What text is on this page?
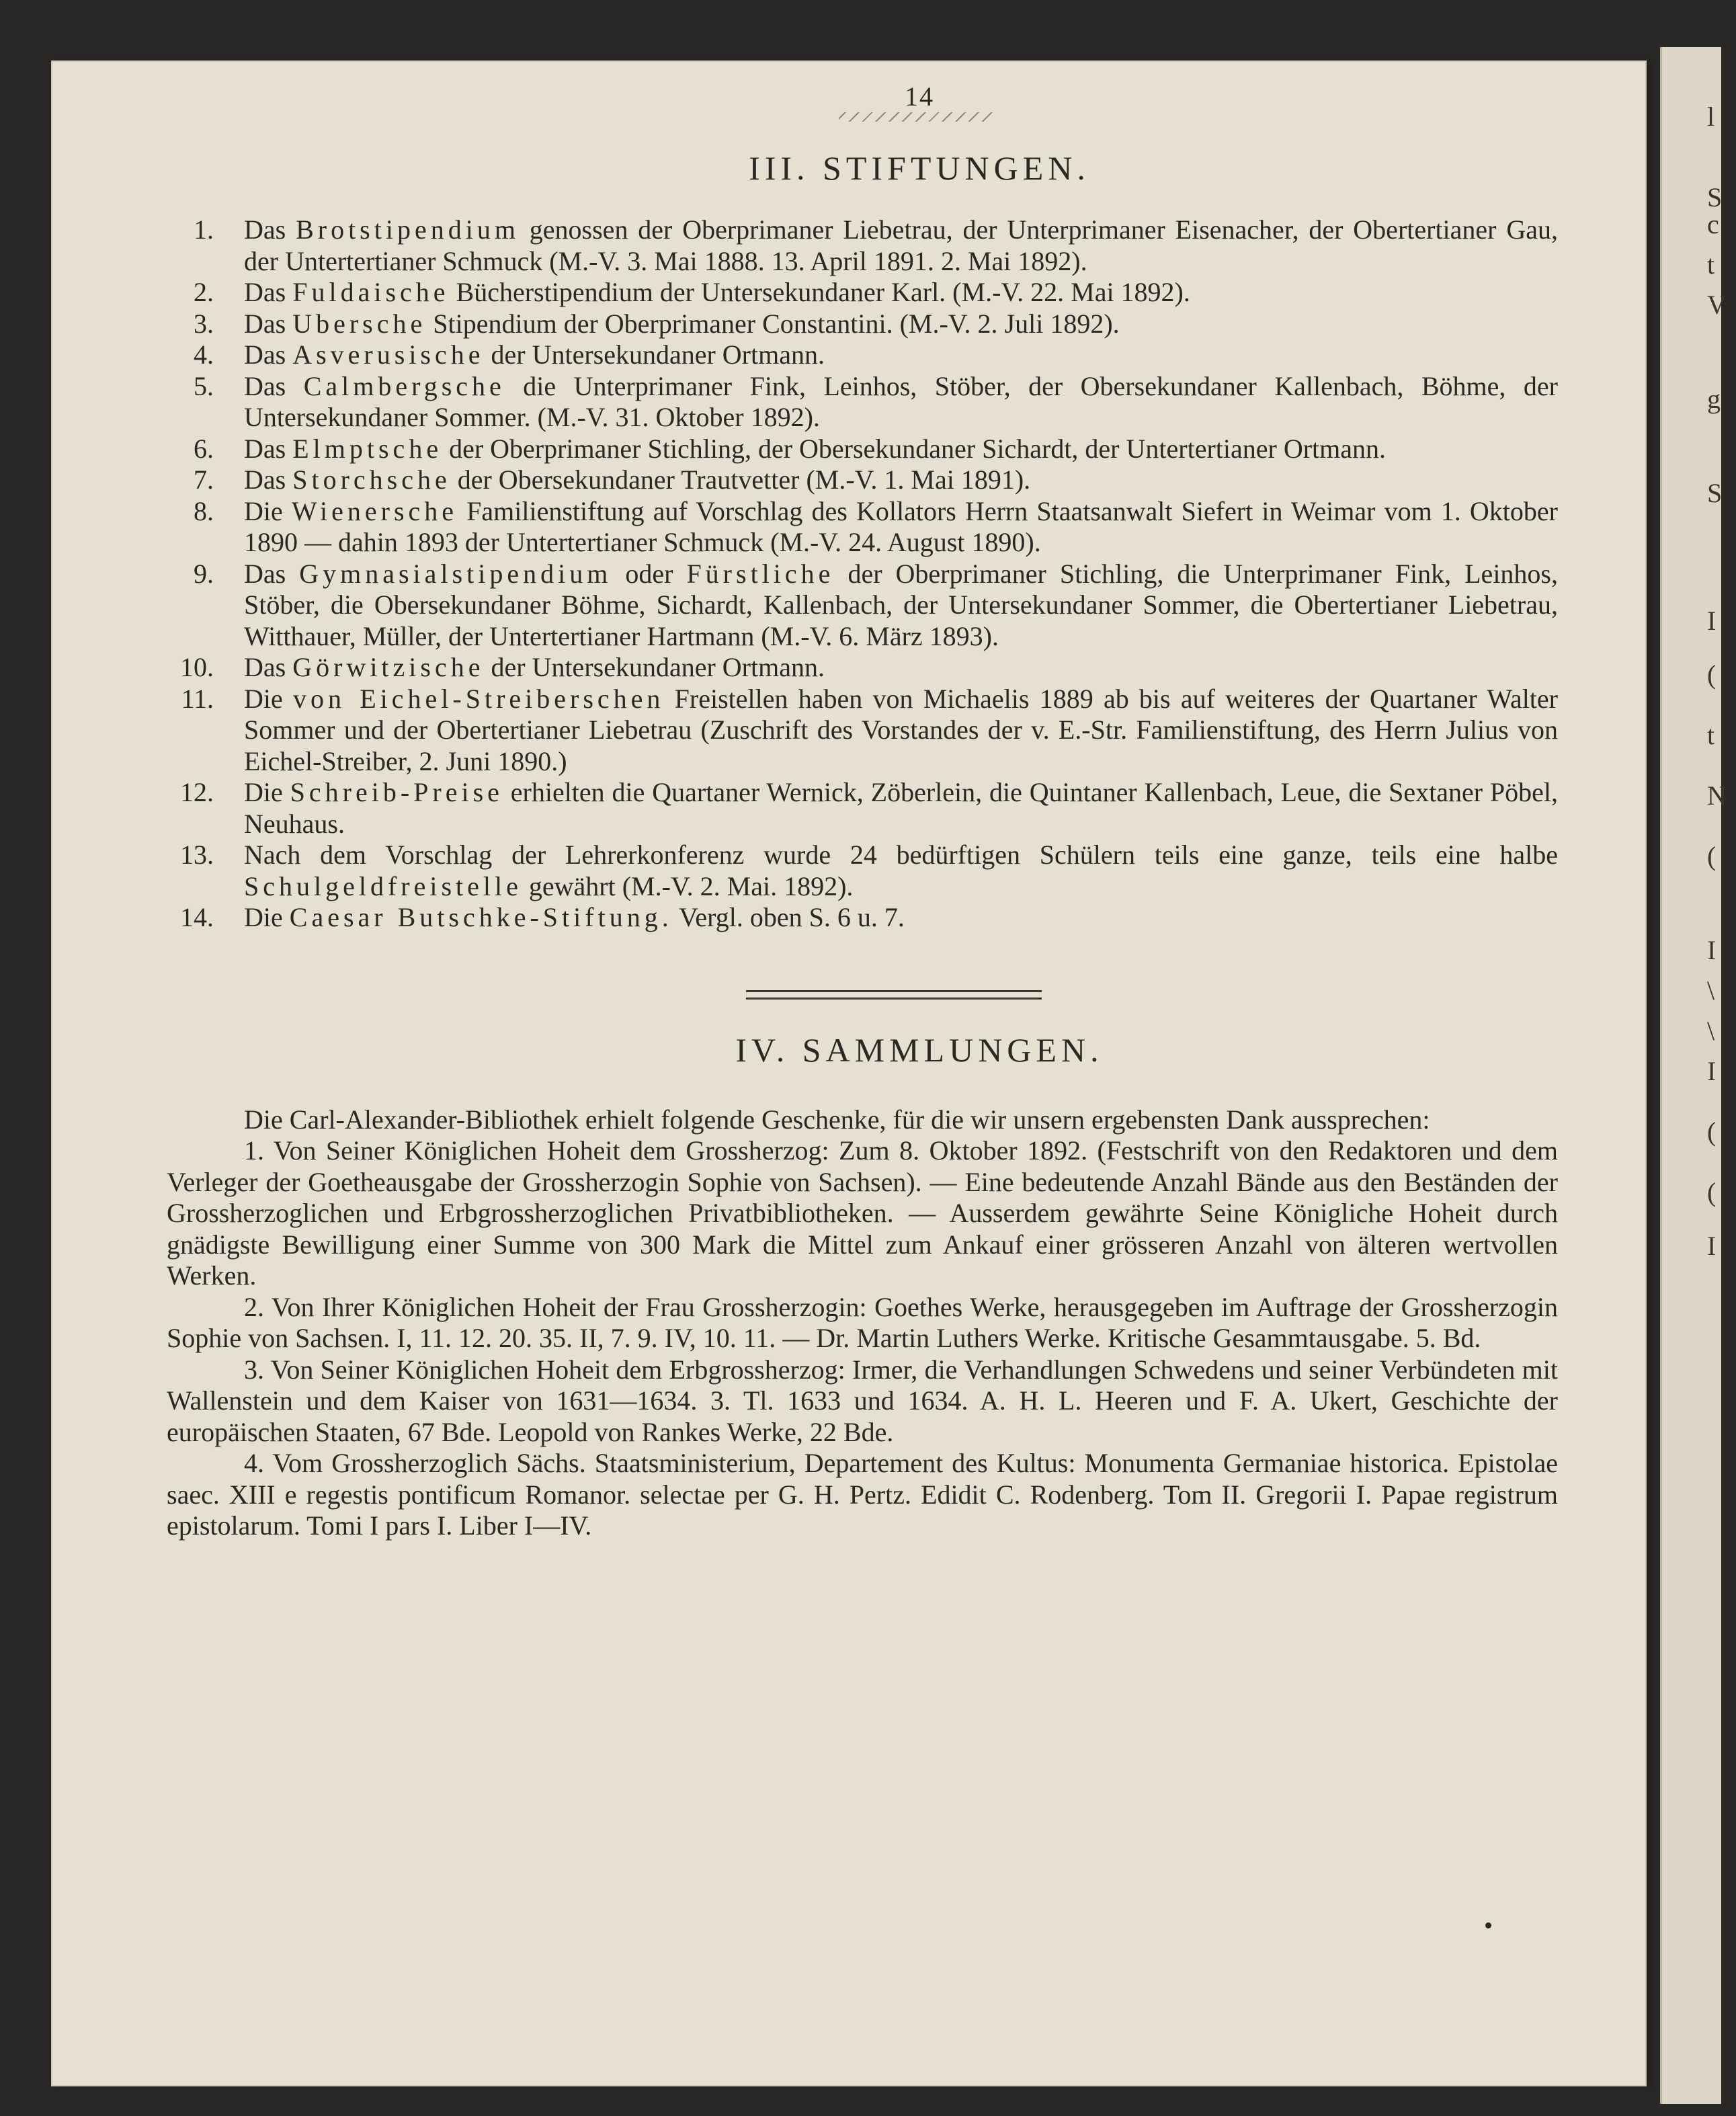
l
S
c
t
V
g
S
I
(
t
N
(
I
\
\
I
(
(
I
14
III. STIFTUNGEN.
1. Das Brotstipendium genossen der Oberprimaner Liebetrau, der Unterprimaner Eisenacher, der Obertertianer Gau, der Untertertianer Schmuck (M.-V. 3. Mai 1888. 13. April 1891. 2. Mai 1892).
2. Das Fuldaische Bücherstipendium der Untersekundaner Karl. (M.-V. 22. Mai 1892).
3. Das Ubersche Stipendium der Oberprimaner Constantini. (M.-V. 2. Juli 1892).
4. Das Asverusische der Untersekundaner Ortmann.
5. Das Calmbergsche die Unterprimaner Fink, Leinhos, Stöber, der Obersekundaner Kallenbach, Böhme, der Untersekundaner Sommer. (M.-V. 31. Oktober 1892).
6. Das Elmptsche der Oberprimaner Stichling, der Obersekundaner Sichardt, der Untertertianer Ortmann.
7. Das Storchsche der Obersekundaner Trautvetter (M.-V. 1. Mai 1891).
8. Die Wienersche Familienstiftung auf Vorschlag des Kollators Herrn Staatsanwalt Siefert in Weimar vom 1. Oktober 1890 — dahin 1893 der Untertertianer Schmuck (M.-V. 24. August 1890).
9. Das Gymnasialstipendium oder Fürstliche der Oberprimaner Stichling, die Unterprimaner Fink, Leinhos, Stöber, die Obersekundaner Böhme, Sichardt, Kallenbach, der Untersekundaner Sommer, die Obertertianer Liebetrau, Witthauer, Müller, der Untertertianer Hartmann (M.-V. 6. März 1893).
10. Das Görwitzische der Untersekundaner Ortmann.
11. Die von Eichel-Streiberschen Freistellen haben von Michaelis 1889 ab bis auf weiteres der Quartaner Walter Sommer und der Obertertianer Liebetrau (Zuschrift des Vorstandes der v. E.-Str. Familienstiftung, des Herrn Julius von Eichel-Streiber, 2. Juni 1890.)
12. Die Schreib-Preise erhielten die Quartaner Wernick, Zöberlein, die Quintaner Kallenbach, Leue, die Sextaner Pöbel, Neuhaus.
13. Nach dem Vorschlag der Lehrerkonferenz wurde 24 bedürftigen Schülern teils eine ganze, teils eine halbe Schulgeldfreistelle gewährt (M.-V. 2. Mai. 1892).
14. Die Caesar Butschke-Stiftung. Vergl. oben S. 6 u. 7.
IV. SAMMLUNGEN.

Die Carl-Alexander-Bibliothek erhielt folgende Geschenke, für die wir unsern ergebensten Dank aussprechen:

1. Von Seiner Königlichen Hoheit dem Grossherzog: Zum 8. Oktober 1892. (Festschrift von den Redaktoren und dem Verleger der Goetheausgabe der Grossherzogin Sophie von Sachsen). — Eine bedeutende Anzahl Bände aus den Beständen der Grossherzoglichen und Erbgrossherzoglichen Privatbibliotheken. — Ausserdem gewährte Seine Königliche Hoheit durch gnädigste Bewilligung einer Summe von 300 Mark die Mittel zum Ankauf einer grösseren Anzahl von älteren wertvollen Werken.

2. Von Ihrer Königlichen Hoheit der Frau Grossherzogin: Goethes Werke, herausgegeben im Auftrage der Grossherzogin Sophie von Sachsen. I, 11. 12. 20. 35. II, 7. 9. IV, 10. 11. — Dr. Martin Luthers Werke. Kritische Gesammtausgabe. 5. Bd.

3. Von Seiner Königlichen Hoheit dem Erbgrossherzog: Irmer, die Verhandlungen Schwedens und seiner Verbündeten mit Wallenstein und dem Kaiser von 1631—1634. 3. Tl. 1633 und 1634. A. H. L. Heeren und F. A. Ukert, Geschichte der europäischen Staaten, 67 Bde. Leopold von Rankes Werke, 22 Bde.

4. Vom Grossherzoglich Sächs. Staatsministerium, Departement des Kultus: Monumenta Germaniae historica. Epistolae saec. XIII e regestis pontificum Romanor. selectae per G. H. Pertz. Edidit C. Rodenberg. Tom II. Gregorii I. Papae registrum epistolarum. Tomi I pars I. Liber I—IV.
